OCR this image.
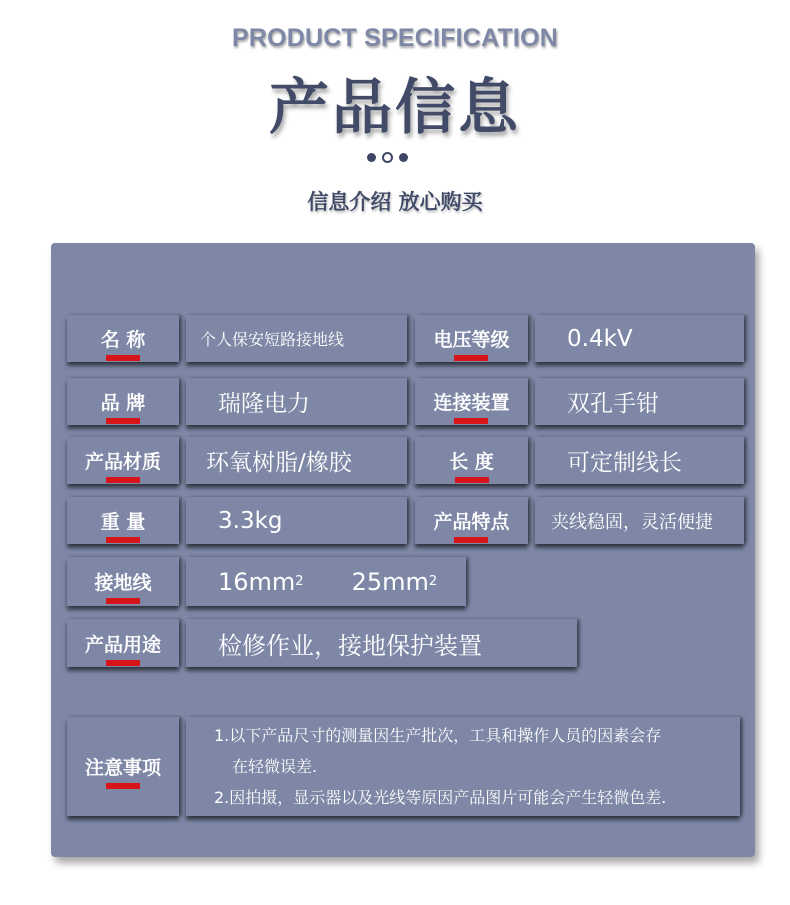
PRODUCT SPECIFICATION
产品信息
信息介绍 放心购买
名 称	个人保安短路接地线	电压等级	0.4kV
品 牌	瑞隆电力	连接装置	双孔手钳
产品材质 环氧树脂/橡胶	长 度	可定制线长
重 量	3.3kg	产品特点 夹线稳固，灵活便捷
接地线	16mm 2 25mm 2
产品用途 检修作业，接地保护装置
注意事项
1.以下产品尺寸的测量因生产批次，工具和操作人员的因素会存
在轻微误差.
2.因拍摄，显示器以及光线等原因产品图片可能会产生轻微色差.
